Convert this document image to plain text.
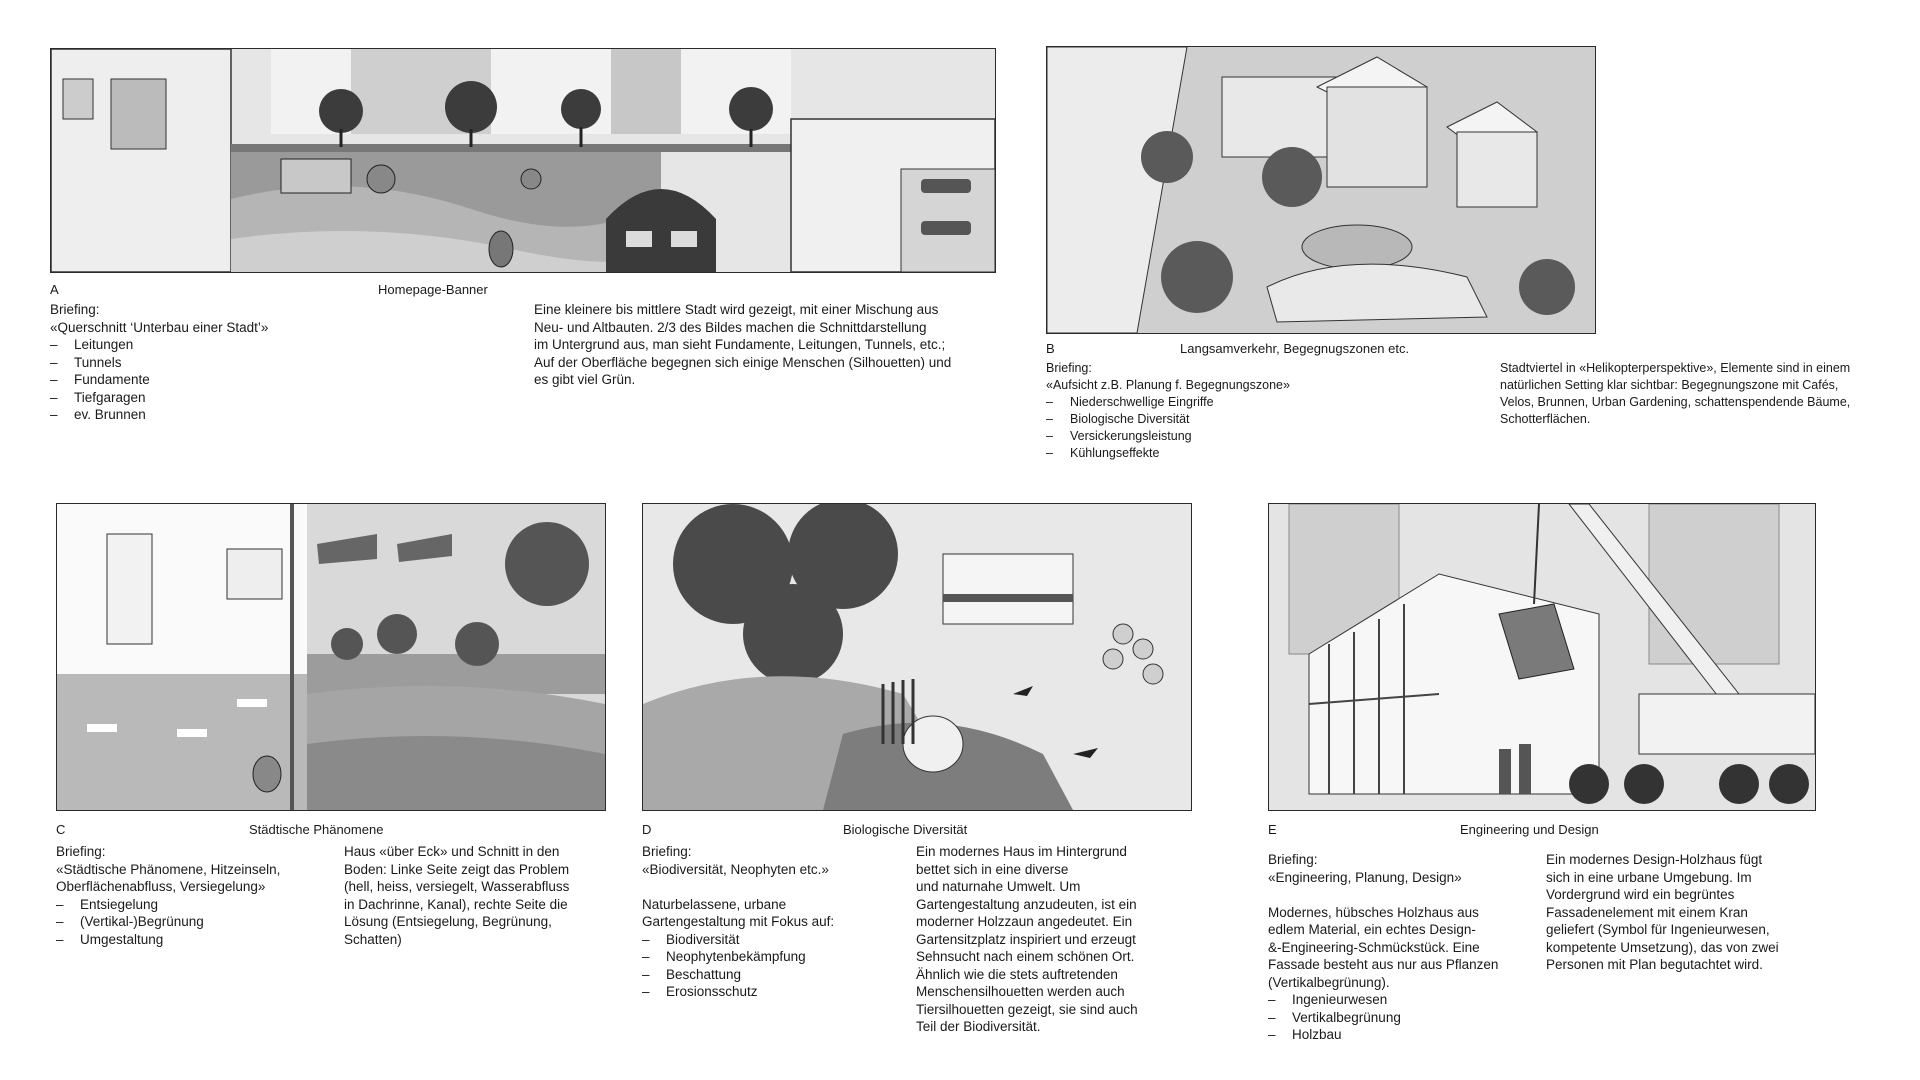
A	Homepage-Banner
Briefing:
«Querschnitt ‘Unterbau einer Stadt’»
– Leitungen
– Tunnels
– Fundamente
– Tiefgaragen
– ev. Brunnen
Eine kleinere bis mittlere Stadt wird gezeigt, mit einer Mischung aus
Neu- und Altbauten. 2/3 des Bildes machen die Schnittdarstellung
im Untergrund aus, man sieht Fundamente, Leitungen, Tunnels, etc.;
Auf der Oberfläche begegnen sich einige Menschen (Silhouetten) und
es gibt viel Grün.
B	Langsamverkehr, Begegnugszonen etc.
Briefing:
«Aufsicht z.B. Planung f. Begegnungszone»
– Niederschwellige Eingriffe
– Biologische Diversität
– Versickerungsleistung
– Kühlungseffekte
Stadtviertel in «Helikopterperspektive», Elemente sind in einem
natürlichen Setting klar sichtbar: Begegnungszone mit Cafés,
Velos, Brunnen, Urban Gardening, schattenspendende Bäume,
Schotterflächen.
C	Städtische Phänomene
Briefing:
«Städtische Phänomene, Hitzeinseln,
Oberflächenabfluss, Versiegelung»
– Entsiegelung
– (Vertikal-)Begrünung
– Umgestaltung
Haus «über Eck» und Schnitt in den
Boden: Linke Seite zeigt das Problem
(hell, heiss, versiegelt, Wasserabfluss
in Dachrinne, Kanal), rechte Seite die
Lösung (Entsiegelung, Begrünung,
Schatten)
D	Biologische Diversität
Briefing:
«Biodiversität, Neophyten etc.»

Naturbelassene, urbane
Gartengestaltung mit Fokus auf:
– Biodiversität
– Neophytenbekämpfung
– Beschattung
– Erosionsschutz
Ein modernes Haus im Hintergrund
bettet sich in eine diverse
und naturnahe Umwelt. Um
Gartengestaltung anzudeuten, ist ein
moderner Holzzaun angedeutet. Ein
Gartensitzplatz inspiriert und erzeugt
Sehnsucht nach einem schönen Ort.
Ähnlich wie die stets auftretenden
Menschensilhouetten werden auch
Tiersilhouetten gezeigt, sie sind auch
Teil der Biodiversität.
E	Engineering und Design
Briefing:
«Engineering, Planung, Design»

Modernes, hübsches Holzhaus aus
edlem Material, ein echtes Design-
&-Engineering-Schmückstück. Eine
Fassade besteht aus nur aus Pflanzen
(Vertikalbegrünung).
– Ingenieurwesen
– Vertikalbegrünung
– Holzbau
Ein modernes Design-Holzhaus fügt
sich in eine urbane Umgebung. Im
Vordergrund wird ein begrüntes
Fassadenelement mit einem Kran
geliefert (Symbol für Ingenieurwesen,
kompetente Umsetzung), das von zwei
Personen mit Plan begutachtet wird.
